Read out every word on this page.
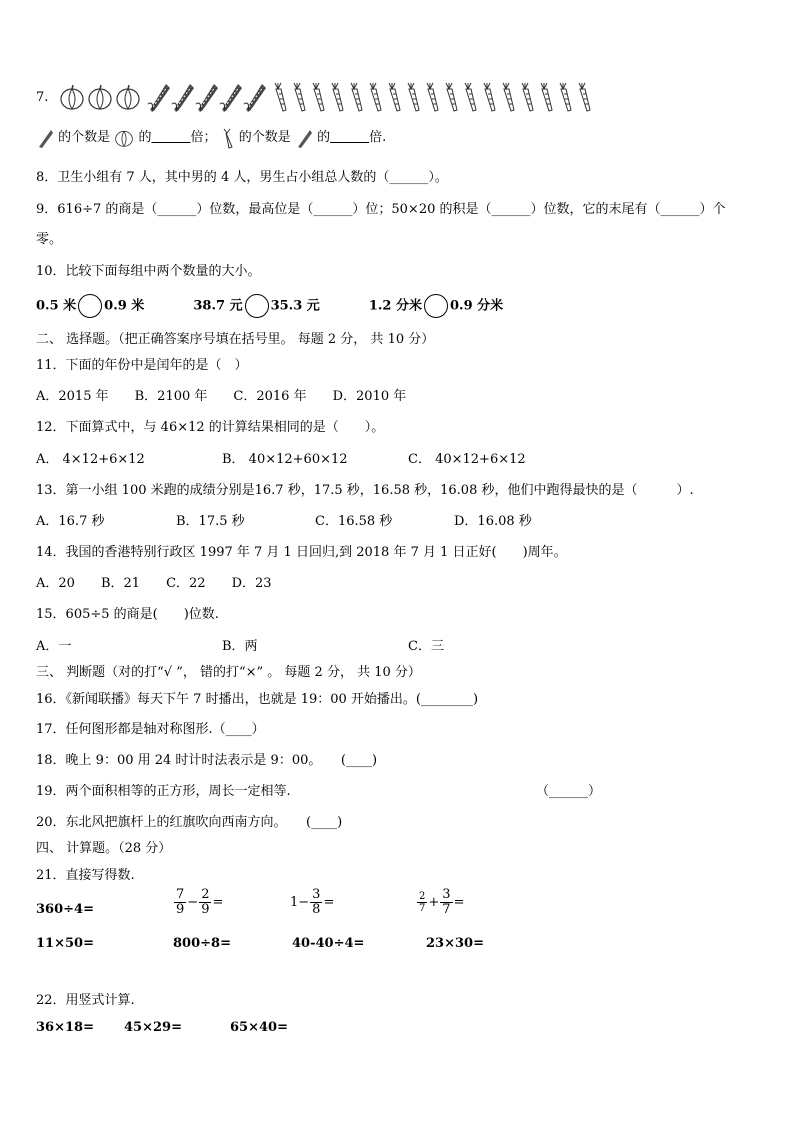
7.
的个数是 的　　　	倍； 的个数是 的　　　	倍.
8．卫生小组有 7 人，其中男的 4 人，男生占小组总人数的（______）。
9．616÷7 的商是（______）位数，最高位是（______）位；50×20 的积是（______）位数，它的末尾有（______）个
零。
10．比较下面每组中两个数量的大小。
0.5 米 0.9 米	38.7 元 35.3 元	1.2 分米 0.9 分米
二、 选择题。（把正确答案序号填在括号里。 每题 2 分， 共 10 分）
11．下面的年份中是闰年的是（　）
A．2015 年　　 B．2100 年　　 C．2016 年　　 D．2010 年
12．下面算式中，与 46×12 的计算结果相同的是（　　）。
A． 4×12+6×12	B． 40×12+60×12	C． 40×12+6×12
13．第一小组 100 米跑的成绩分别是16.7 秒，17.5 秒，16.58 秒，16.08 秒，他们中跑得最快的是（　　　）.
A．16.7 秒	B．17.5 秒	C．16.58 秒	D．16.08 秒
14．我国的香港特别行政区 1997 年 7 月 1 日回归,到 2018 年 7 月 1 日正好(　　)周年。
A．20　　 B．21　　 C．22　　 D．23
15．605÷5 的商是(　　)位数.
A．一	B．两	C．三
三、 判断题（对的打“√ ”， 错的打“×” 。 每题 2 分， 共 10 分）
16．《新闻联播》每天下午 7 时播出，也就是 19：00 开始播出。(________)
17．任何图形都是轴对称图形.（____）
18．晚上 9：00 用 24 时计时法表示是 9：00。　　(____)
19．两个面积相等的正方形，周长一定相等.	（______）
20．东北风把旗杆上的红旗吹向西南方向。　　(____)
四、 计算题。（28 分）
21．直接写得数.
360÷4=	$\frac{7}{9} - \frac{2}{9}$ =	$1- \frac{3}{8}$ =	$\frac{2}{7} + \frac{3}{7}$ =
11×50=	800÷8=	40-40÷4=	23×30=
22．用竖式计算.
36×18= 45×29=	65×40=
